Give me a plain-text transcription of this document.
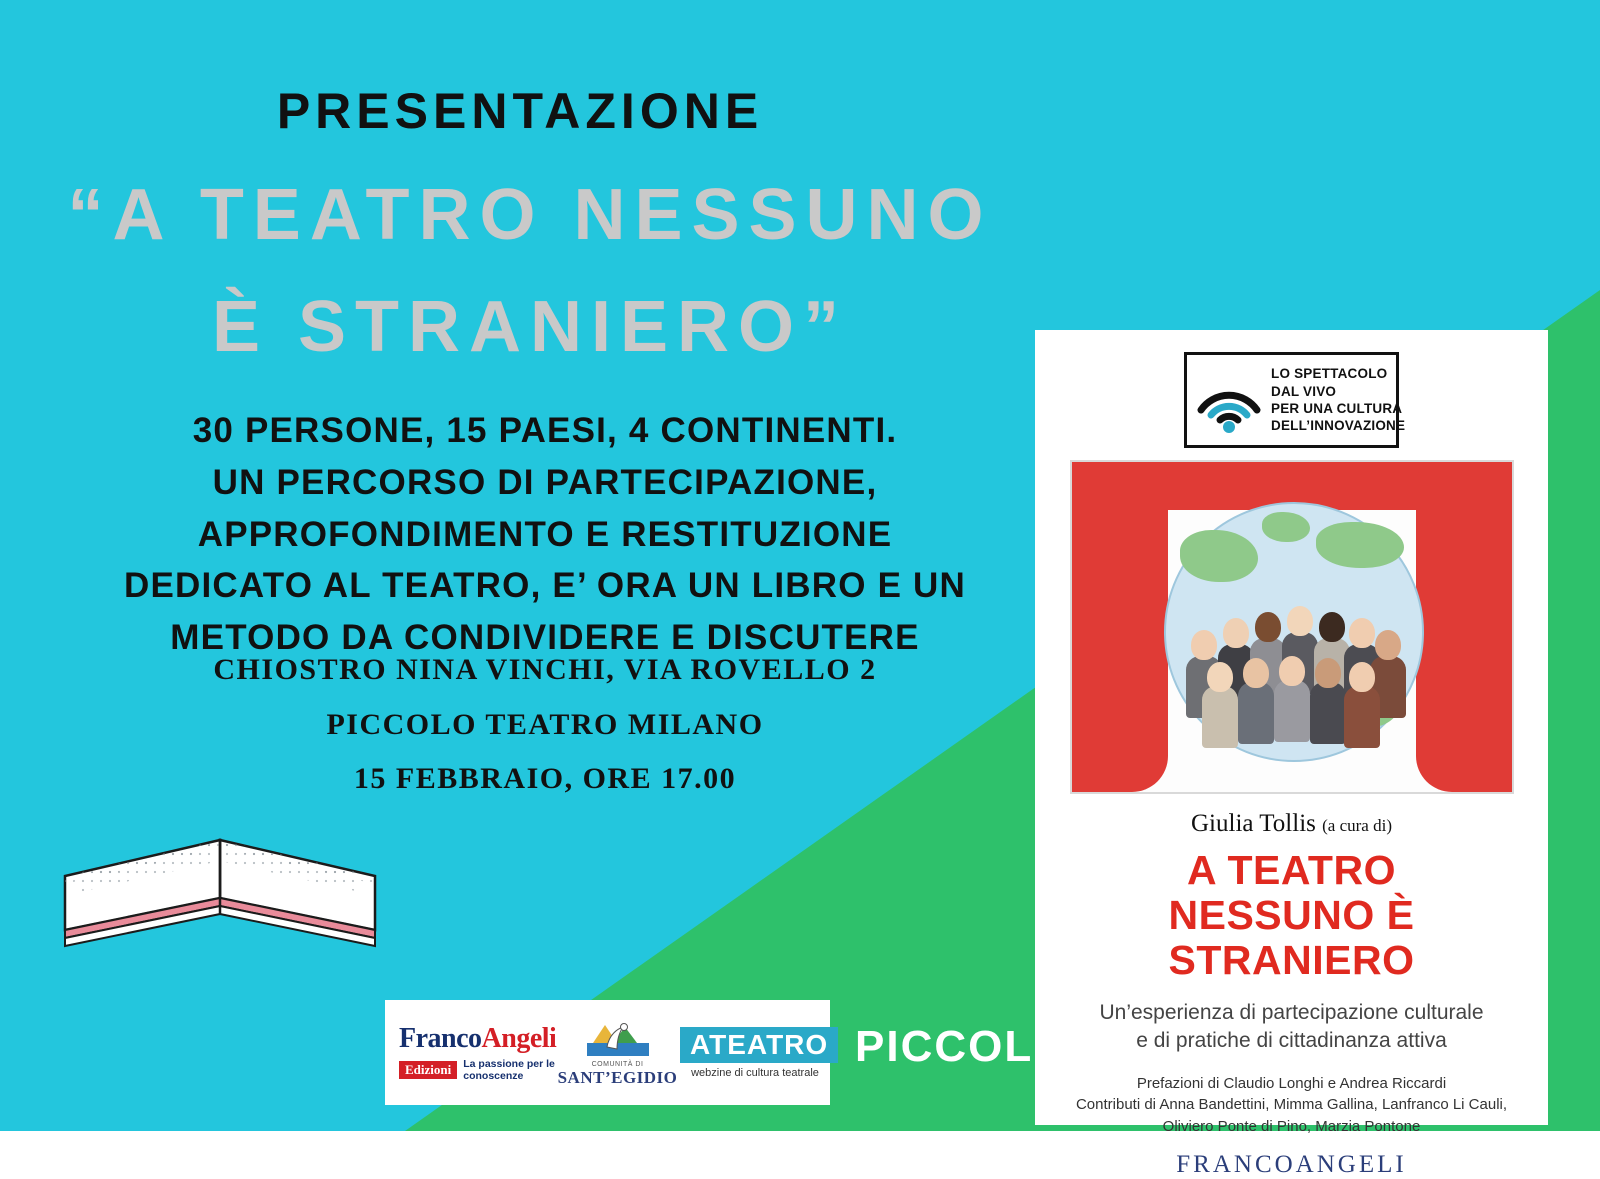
PRESENTAZIONE
“A TEATRO NESSUNO
È STRANIERO”
30 PERSONE, 15 PAESI, 4 CONTINENTI.
UN PERCORSO DI PARTECIPAZIONE,
APPROFONDIMENTO E RESTITUZIONE
DEDICATO AL TEATRO, E’ ORA UN LIBRO E UN
METODO DA CONDIVIDERE E DISCUTERE
CHIOSTRO NINA VINCHI, VIA ROVELLO 2
PICCOLO TEATRO MILANO
15 FEBBRAIO, ORE 17.00
LO SPETTACOLO
DAL VIVO
PER UNA CULTURA
DELL’INNOVAZIONE
Giulia Tollis (a cura di)
A TEATRO
NESSUNO È STRANIERO
Un’esperienza di partecipazione culturale
e di pratiche di cittadinanza attiva
Prefazioni di Claudio Longhi e Andrea Riccardi
Contributi di Anna Bandettini, Mimma Gallina, Lanfranco Li Cauli,
Oliviero Ponte di Pino, Marzia Pontone
FRANCOANGELI
FrancoAngeli
Edizioni	La passione per le conoscenze
COMUNITÀ DI
SANT’EGIDIO
ATEATRO
webzine di cultura teatrale
PICCOLO
